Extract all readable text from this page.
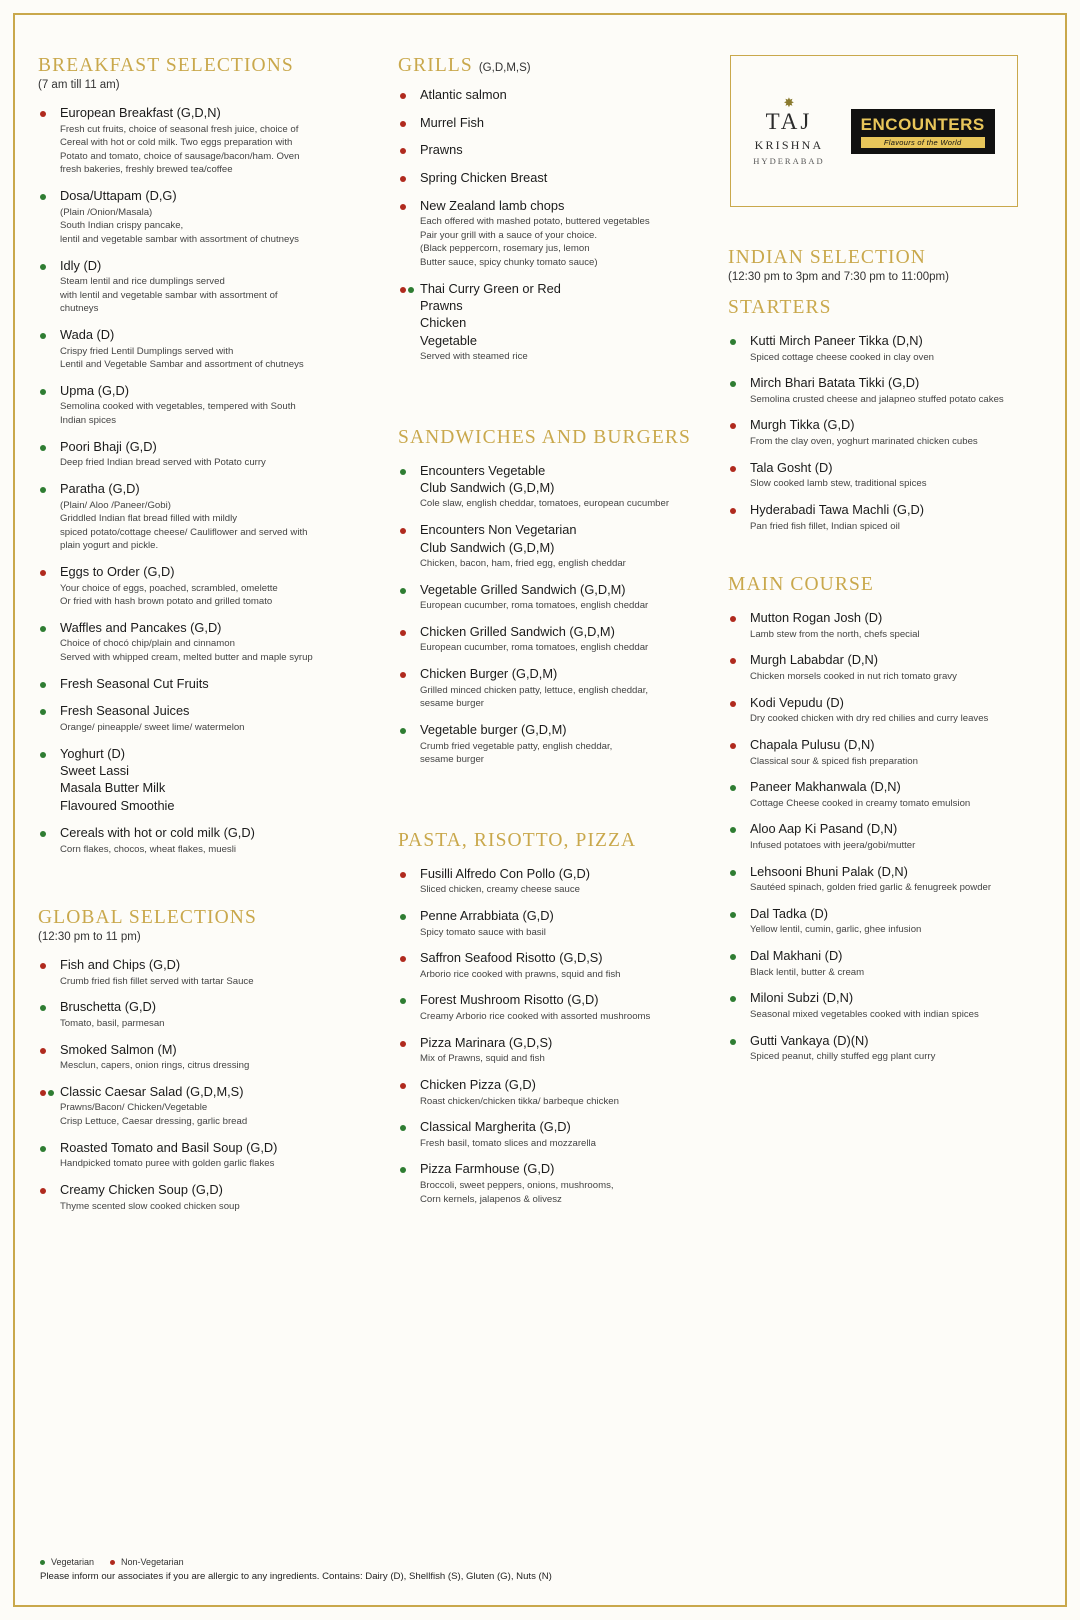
BREAKFAST SELECTIONS
(7 am till 11 am)
European Breakfast (G,D,N)
Fresh cut fruits, choice of seasonal fresh juice, choice of
Cereal with hot or cold milk. Two eggs preparation with
Potato and tomato, choice of sausage/bacon/ham. Oven
fresh bakeries, freshly brewed tea/coffee
Dosa/Uttapam (D,G)
(Plain /Onion/Masala)
South Indian crispy pancake,
lentil and vegetable sambar with assortment of chutneys
Idly (D)
Steam lentil and rice dumplings served
with lentil and vegetable sambar with assortment of
chutneys
Wada (D)
Crispy fried Lentil Dumplings served with
Lentil and Vegetable Sambar and assortment of chutneys
Upma (G,D)
Semolina cooked with vegetables, tempered with South
Indian spices
Poori Bhaji (G,D)
Deep fried Indian bread served with Potato curry
Paratha (G,D)
(Plain/ Aloo /Paneer/Gobi)
Griddled Indian flat bread filled with mildly
spiced potato/cottage cheese/ Cauliflower and served with
plain yogurt and pickle.
Eggs to Order (G,D)
Your choice of eggs, poached, scrambled, omelette
Or fried with hash brown potato and grilled tomato
Waffles and Pancakes (G,D)
Choice of chocó chip/plain and cinnamon
Served with whipped cream, melted butter and maple syrup
Fresh Seasonal Cut Fruits
Fresh Seasonal Juices
Orange/ pineapple/ sweet lime/ watermelon
Yoghurt (D)
Sweet Lassi
Masala Butter Milk
Flavoured Smoothie
Cereals with hot or cold milk (G,D)
Corn flakes, chocos, wheat flakes, muesli
GLOBAL SELECTIONS
(12:30 pm to 11 pm)
Fish and Chips (G,D)
Crumb fried fish fillet served with tartar Sauce
Bruschetta (G,D)
Tomato, basil, parmesan
Smoked Salmon (M)
Mesclun, capers, onion rings, citrus dressing
Classic Caesar Salad (G,D,M,S)
Prawns/Bacon/ Chicken/Vegetable
Crisp Lettuce, Caesar dressing, garlic bread
Roasted Tomato and Basil Soup (G,D)
Handpicked tomato puree with golden garlic flakes
Creamy Chicken Soup (G,D)
Thyme scented slow cooked chicken soup
GRILLS (G,D,M,S)
Atlantic salmon
Murrel Fish
Prawns
Spring Chicken Breast
New Zealand lamb chops
Each offered with mashed potato, buttered vegetables
Pair your grill with a sauce of your choice.
(Black peppercorn, rosemary jus, lemon
Butter sauce, spicy chunky tomato sauce)
Thai Curry Green or Red
Prawns
Chicken
Vegetable
Served with steamed rice
SANDWICHES AND BURGERS
Encounters Vegetable
Club Sandwich (G,D,M)
Cole slaw, english cheddar, tomatoes, european cucumber
Encounters Non Vegetarian
Club Sandwich (G,D,M)
Chicken, bacon, ham, fried egg, english cheddar
Vegetable Grilled Sandwich (G,D,M)
European cucumber, roma tomatoes, english cheddar
Chicken Grilled Sandwich (G,D,M)
European cucumber, roma tomatoes, english cheddar
Chicken Burger (G,D,M)
Grilled minced chicken patty, lettuce, english cheddar,
sesame burger
Vegetable burger (G,D,M)
Crumb fried vegetable patty, english cheddar,
sesame burger
PASTA, RISOTTO, PIZZA
Fusilli Alfredo Con Pollo (G,D)
Sliced chicken, creamy cheese sauce
Penne Arrabbiata (G,D)
Spicy tomato sauce with basil
Saffron Seafood Risotto (G,D,S)
Arborio rice cooked with prawns, squid and fish
Forest Mushroom Risotto (G,D)
Creamy Arborio rice cooked with assorted mushrooms
Pizza Marinara (G,D,S)
Mix of Prawns, squid and fish
Chicken Pizza (G,D)
Roast chicken/chicken tikka/ barbeque chicken
Classical Margherita (G,D)
Fresh basil, tomato slices and mozzarella
Pizza Farmhouse (G,D)
Broccoli, sweet peppers, onions, mushrooms,
Corn kernels, jalapenos & olivesz
✸
TAJ
KRISHNA
HYDERABAD
ENCOUNTERS
Flavours of the World
INDIAN SELECTION
(12:30 pm to 3pm and 7:30 pm to 11:00pm)
STARTERS
Kutti Mirch Paneer Tikka (D,N)
Spiced cottage cheese cooked in clay oven
Mirch Bhari Batata Tikki (G,D)
Semolina crusted cheese and jalapneo stuffed potato cakes
Murgh Tikka (G,D)
From the clay oven, yoghurt marinated chicken cubes
Tala Gosht (D)
Slow cooked lamb stew, traditional spices
Hyderabadi Tawa Machli (G,D)
Pan fried fish fillet, Indian spiced oil
MAIN COURSE
Mutton Rogan Josh (D)
Lamb stew from the north, chefs special
Murgh Lababdar (D,N)
Chicken morsels cooked in nut rich tomato gravy
Kodi Vepudu (D)
Dry cooked chicken with dry red chilies and curry leaves
Chapala Pulusu (D,N)
Classical sour & spiced fish preparation
Paneer Makhanwala (D,N)
Cottage Cheese cooked in creamy tomato emulsion
Aloo Aap Ki Pasand (D,N)
Infused potatoes with jeera/gobi/mutter
Lehsooni Bhuni Palak (D,N)
Sautéed spinach, golden fried garlic & fenugreek powder
Dal Tadka (D)
Yellow lentil, cumin, garlic, ghee infusion
Dal Makhani (D)
Black lentil, butter & cream
Miloni Subzi (D,N)
Seasonal mixed vegetables cooked with indian spices
Gutti Vankaya (D)(N)
Spiced peanut, chilly stuffed egg plant curry
Vegetarian	Non-Vegetarian
Please inform our associates if you are allergic to any ingredients. Contains: Dairy (D), Shellfish (S), Gluten (G), Nuts (N)
